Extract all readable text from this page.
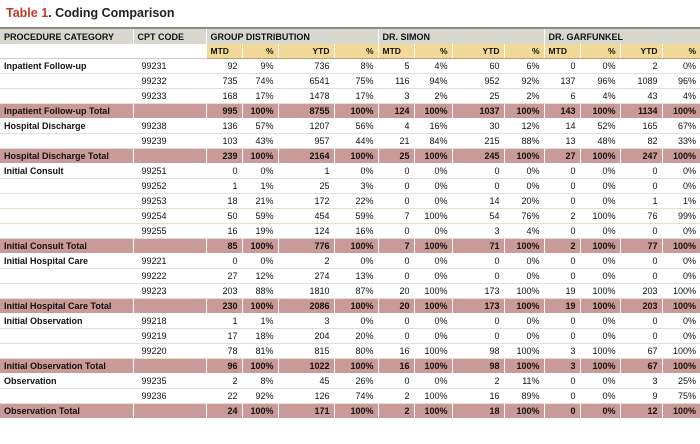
Table 1. Coding Comparison
PROCEDURE CATEGORY	CPT CODE	GROUP DISTRIBUTION				DR. SIMON				DR. GARFUNKEL			
		MTD	%	YTD	%	MTD	%	YTD	%	MTD	%	YTD	%
Inpatient Follow-up	99231	92	9%	736	8%	5	4%	60	6%	0	0%	2	0%
	99232	735	74%	6541	75%	116	94%	952	92%	137	96%	1089	96%
	99233	168	17%	1478	17%	3	2%	25	2%	6	4%	43	4%
Inpatient Follow-up Total		995	100%	8755	100%	124	100%	1037	100%	143	100%	1134	100%
Hospital Discharge	99238	136	57%	1207	56%	4	16%	30	12%	14	52%	165	67%
	99239	103	43%	957	44%	21	84%	215	88%	13	48%	82	33%
Hospital Discharge Total		239	100%	2164	100%	25	100%	245	100%	27	100%	247	100%
Initial Consult	99251	0	0%	1	0%	0	0%	0	0%	0	0%	0	0%
	99252	1	1%	25	3%	0	0%	0	0%	0	0%	0	0%
	99253	18	21%	172	22%	0	0%	14	20%	0	0%	1	1%
	99254	50	59%	454	59%	7	100%	54	76%	2	100%	76	99%
	99255	16	19%	124	16%	0	0%	3	4%	0	0%	0	0%
Initial Consult Total		85	100%	776	100%	7	100%	71	100%	2	100%	77	100%
Initial Hospital Care	99221	0	0%	2	0%	0	0%	0	0%	0	0%	0	0%
	99222	27	12%	274	13%	0	0%	0	0%	0	0%	0	0%
	99223	203	88%	1810	87%	20	100%	173	100%	19	100%	203	100%
Initial Hospital Care Total		230	100%	2086	100%	20	100%	173	100%	19	100%	203	100%
Initial Observation	99218	1	1%	3	0%	0	0%	0	0%	0	0%	0	0%
	99219	17	18%	204	20%	0	0%	0	0%	0	0%	0	0%
	99220	78	81%	815	80%	16	100%	98	100%	3	100%	67	100%
Initial Observation Total		96	100%	1022	100%	16	100%	98	100%	3	100%	67	100%
Observation	99235	2	8%	45	26%	0	0%	2	11%	0	0%	3	25%
	99236	22	92%	126	74%	2	100%	16	89%	0	0%	9	75%
Observation Total		24	100%	171	100%	2	100%	18	100%	0	0%	12	100%
